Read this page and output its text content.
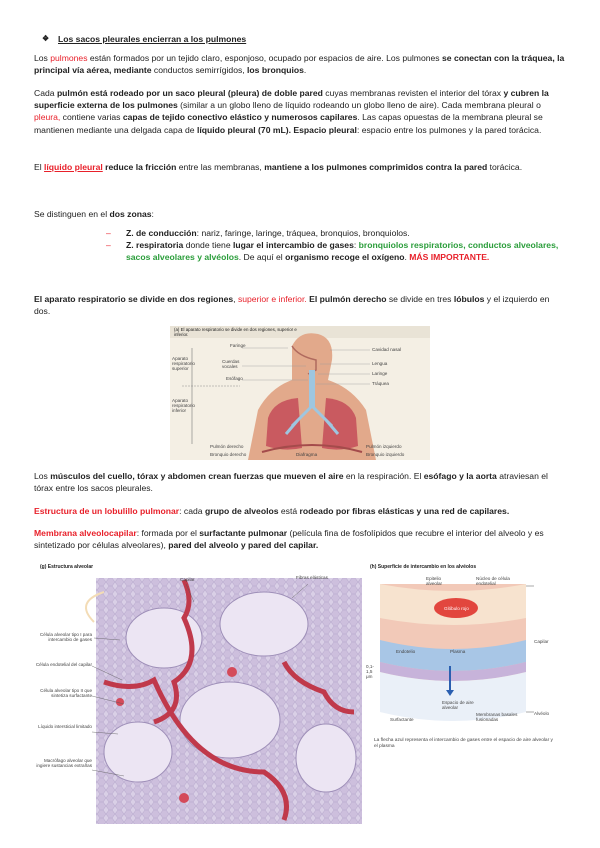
❖ Los sacos pleurales encierran a los pulmones

Los pulmones están formados por un tejido claro, esponjoso, ocupado por espacios de aire. Los pulmones se conectan con la tráquea, la principal vía aérea, mediante conductos semirrígidos, los bronquios.

Cada pulmón está rodeado por un saco pleural (pleura) de doble pared cuyas membranas revisten el interior del tórax y cubren la superficie externa de los pulmones (similar a un globo lleno de líquido rodeando un globo lleno de aire). Cada membrana pleural o pleura, contiene varias capas de tejido conectivo elástico y numerosos capilares. Las capas opuestas de la membrana pleural se mantienen mediante una delgada capa de líquido pleural (70 mL). Espacio pleural: espacio entre los pulmones y la pared torácica.

El líquido pleural reduce la fricción entre las membranas, mantiene a los pulmones comprimidos contra la pared torácica.

Se distinguen en el dos zonas:

– Z. de conducción: nariz, faringe, laringe, tráquea, bronquios, bronquiolos.
– Z. respiratoria donde tiene lugar el intercambio de gases: bronquiolos respiratorios, conductos alveolares, sacos alveolares y alvéolos. De aquí el organismo recoge el oxígeno. MÁS IMPORTANTE.

El aparato respiratorio se divide en dos regiones, superior e inferior. El pulmón derecho se divide en tres lóbulos y el izquierdo en dos.

(a) El aparato respiratorio se divide en dos regiones, superior e inferior.
Faringe
Cuerdas vocales
Esófago
Aparato respiratorio superior
Aparato respiratorio inferior
Cavidad nasal
Lengua
Laringe
Tráquea
Pulmón derecho
Bronquio derecho	Diafragma
Pulmón izquierdo
Bronquio izquierdo

Los músculos del cuello, tórax y abdomen crean fuerzas que mueven el aire en la respiración. El esófago y la aorta atraviesan el tórax entre los sacos pleurales.

Estructura de un lobulillo pulmonar: cada grupo de alveolos está rodeado por fibras elásticas y una red de capilares.

Membrana alveolocapilar: formada por el surfactante pulmonar (película fina de fosfolípidos que recubre el interior del alveolo y es sintetizado por células alveolares), pared del alveolo y pared del capilar.

(g) Estructura alveolar
Capilar	Fibras elásticas
Célula alveolar tipo I para intercambio de gases
Célula endotelial del capilar
Célula alveolar tipo II que sintetiza surfactante
Líquido intersticial limitado
Macrófago alveolar que ingiere sustancias extrañas
(h) Superficie de intercambio en los alvéolos
Epitelio alveolar
Núcleo de célula endotelial
Glóbulo rojo
Capilar
Endotelio	Plasma
0,1-1,5 μm
Espacio de aire alveolar
Surfactante
Membranas basales fusionadas
Alvéolo
La flecha azul representa el intercambio de gases entre el espacio de aire alveolar y el plasma
